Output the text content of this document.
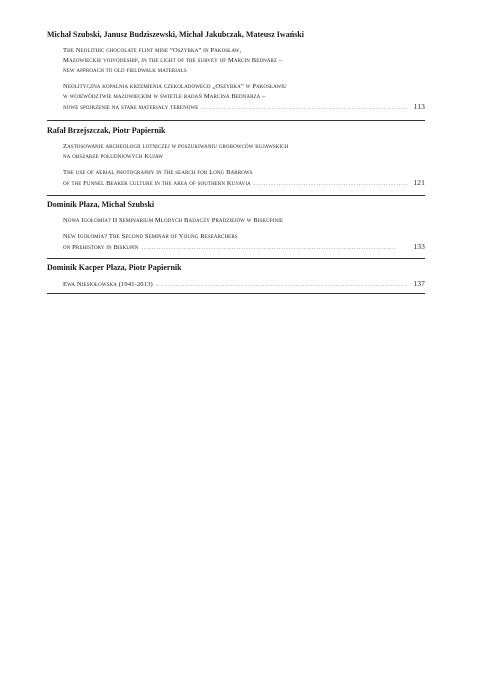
Michał Szubski, Janusz Budziszewski, Michał Jakubczak, Mateusz Iwański
The Neolithic chocolate flint mine “Oszybka” in Pakosław,
Mazowieckie voivodeship, in the light of the survey of Marcin Bednarz –
new approach to old fieldwalk materials
Neolityczna kopalnia krzemienia czekoladowego „Oszybka” w Pakosławiu
w województwie mazowieckim w świetle badań Marcina Bednarza –
nowe spojrzenie na stare materiały terenowe . . .	113
Rafał Brzejszczak, Piotr Papiernik
Zastosowanie archeologii lotniczej w poszukiwaniu grobowców kujawskich
na obszarze południowych Kujaw
The use of aerial photography in the search for Long Barrows
of the Funnel Beaker culture in the area of southern Kuyavia . . .	121
Dominik Płaza, Michał Szubski
Nowa Igołomia? II Seminarium Młodych Badaczy Pradziejów w Biskupinie
New Igołomia? The Second Seminar of Young Researchers
on Prehistory in Biskupin . . .	133
Dominik Kacper Płaza, Piotr Papiernik
Ewa Niesiołowska (1941-2013) . . .	137
